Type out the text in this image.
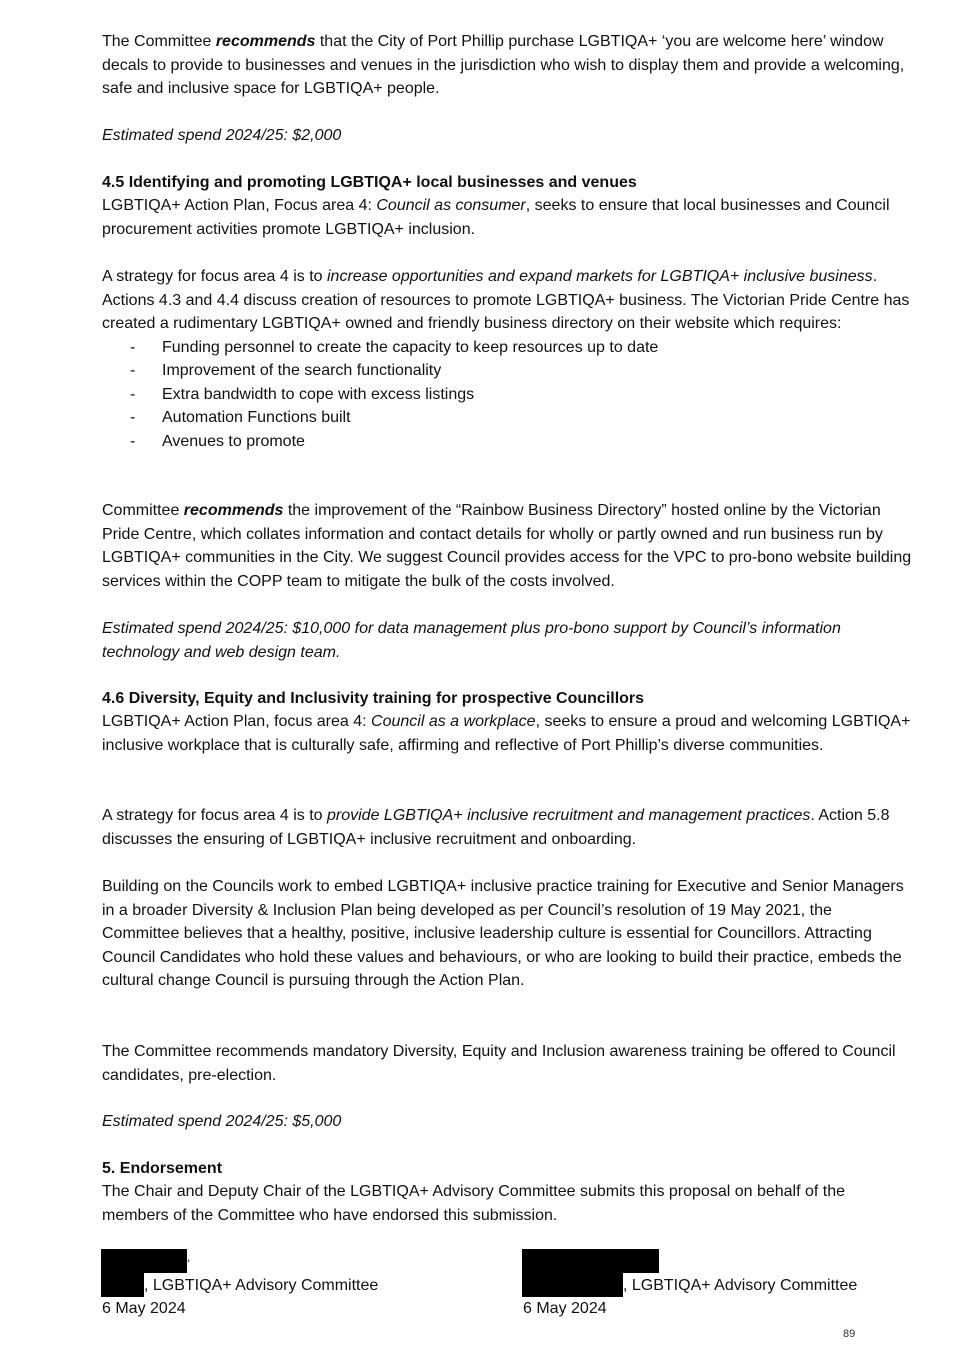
The Committee recommends that the City of Port Phillip purchase LGBTIQA+ ‘you are welcome here’ window decals to provide to businesses and venues in the jurisdiction who wish to display them and provide a welcoming, safe and inclusive space for LGBTIQA+ people.

Estimated spend 2024/25: $2,000
4.5 Identifying and promoting LGBTIQA+ local businesses and venues

LGBTIQA+ Action Plan, Focus area 4: Council as consumer, seeks to ensure that local businesses and Council procurement activities promote LGBTIQA+ inclusion.

A strategy for focus area 4 is to increase opportunities and expand markets for LGBTIQA+ inclusive business. Actions 4.3 and 4.4 discuss creation of resources to promote LGBTIQA+ business. The Victorian Pride Centre has created a rudimentary LGBTIQA+ owned and friendly business directory on their website which requires:

- Funding personnel to create the capacity to keep resources up to date
- Improvement of the search functionality
- Extra bandwidth to cope with excess listings
- Automation Functions built
- Avenues to promote

Committee recommends the improvement of the “Rainbow Business Directory” hosted online by the Victorian Pride Centre, which collates information and contact details for wholly or partly owned and run business run by LGBTIQA+ communities in the City. We suggest Council provides access for the VPC to pro-bono website building services within the COPP team to mitigate the bulk of the costs involved.

Estimated spend 2024/25: $10,000 for data management plus pro-bono support by Council’s information technology and web design team.
4.6 Diversity, Equity and Inclusivity training for prospective Councillors

LGBTIQA+ Action Plan, focus area 4: Council as a workplace, seeks to ensure a proud and welcoming LGBTIQA+ inclusive workplace that is culturally safe, affirming and reflective of Port Phillip’s diverse communities.

A strategy for focus area 4 is to provide LGBTIQA+ inclusive recruitment and management practices. Action 5.8 discusses the ensuring of LGBTIQA+ inclusive recruitment and onboarding.

Building on the Councils work to embed LGBTIQA+ inclusive practice training for Executive and Senior Managers in a broader Diversity & Inclusion Plan being developed as per Council’s resolution of 19 May 2021, the Committee believes that a healthy, positive, inclusive leadership culture is essential for Councillors. Attracting Council Candidates who hold these values and behaviours, or who are looking to build their practice, embeds the cultural change Council is pursuing through the Action Plan.
The Committee recommends mandatory Diversity, Equity and Inclusion awareness training be offered to Council candidates, pre-election.
Estimated spend 2024/25: $5,000
5. Endorsement
The Chair and Deputy Chair of the LGBTIQA+ Advisory Committee submits this proposal on behalf of the members of the Committee who have endorsed this submission.
,
, LGBTIQA+ Advisory Committee
6 May 2024
, LGBTIQA+ Advisory Committee
6 May 2024
89
